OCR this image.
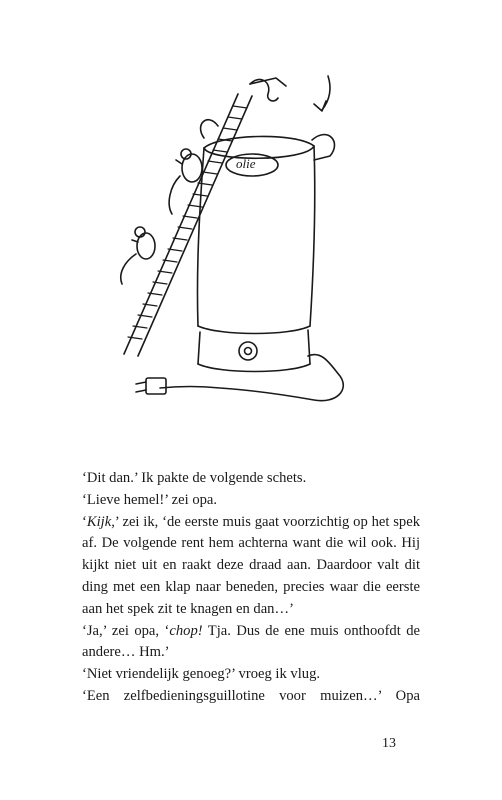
olie

‘Dit dan.’ Ik pakte de volgende schets.

‘Lieve hemel!’ zei opa.

‘Kijk,’ zei ik, ‘de eerste muis gaat voorzichtig op het spek af. De volgende rent hem achterna want die wil ook. Hij kijkt niet uit en raakt deze draad aan. Daardoor valt dit ding met een klap naar beneden, precies waar die eerste aan het spek zit te knagen en dan…’

‘Ja,’ zei opa, ‘chop! Tja. Dus de ene muis onthoofdt de andere… Hm.’

‘Niet vriendelijk genoeg?’ vroeg ik vlug.

‘Een zelfbedieningsguillotine voor muizen…’ Opa

13
